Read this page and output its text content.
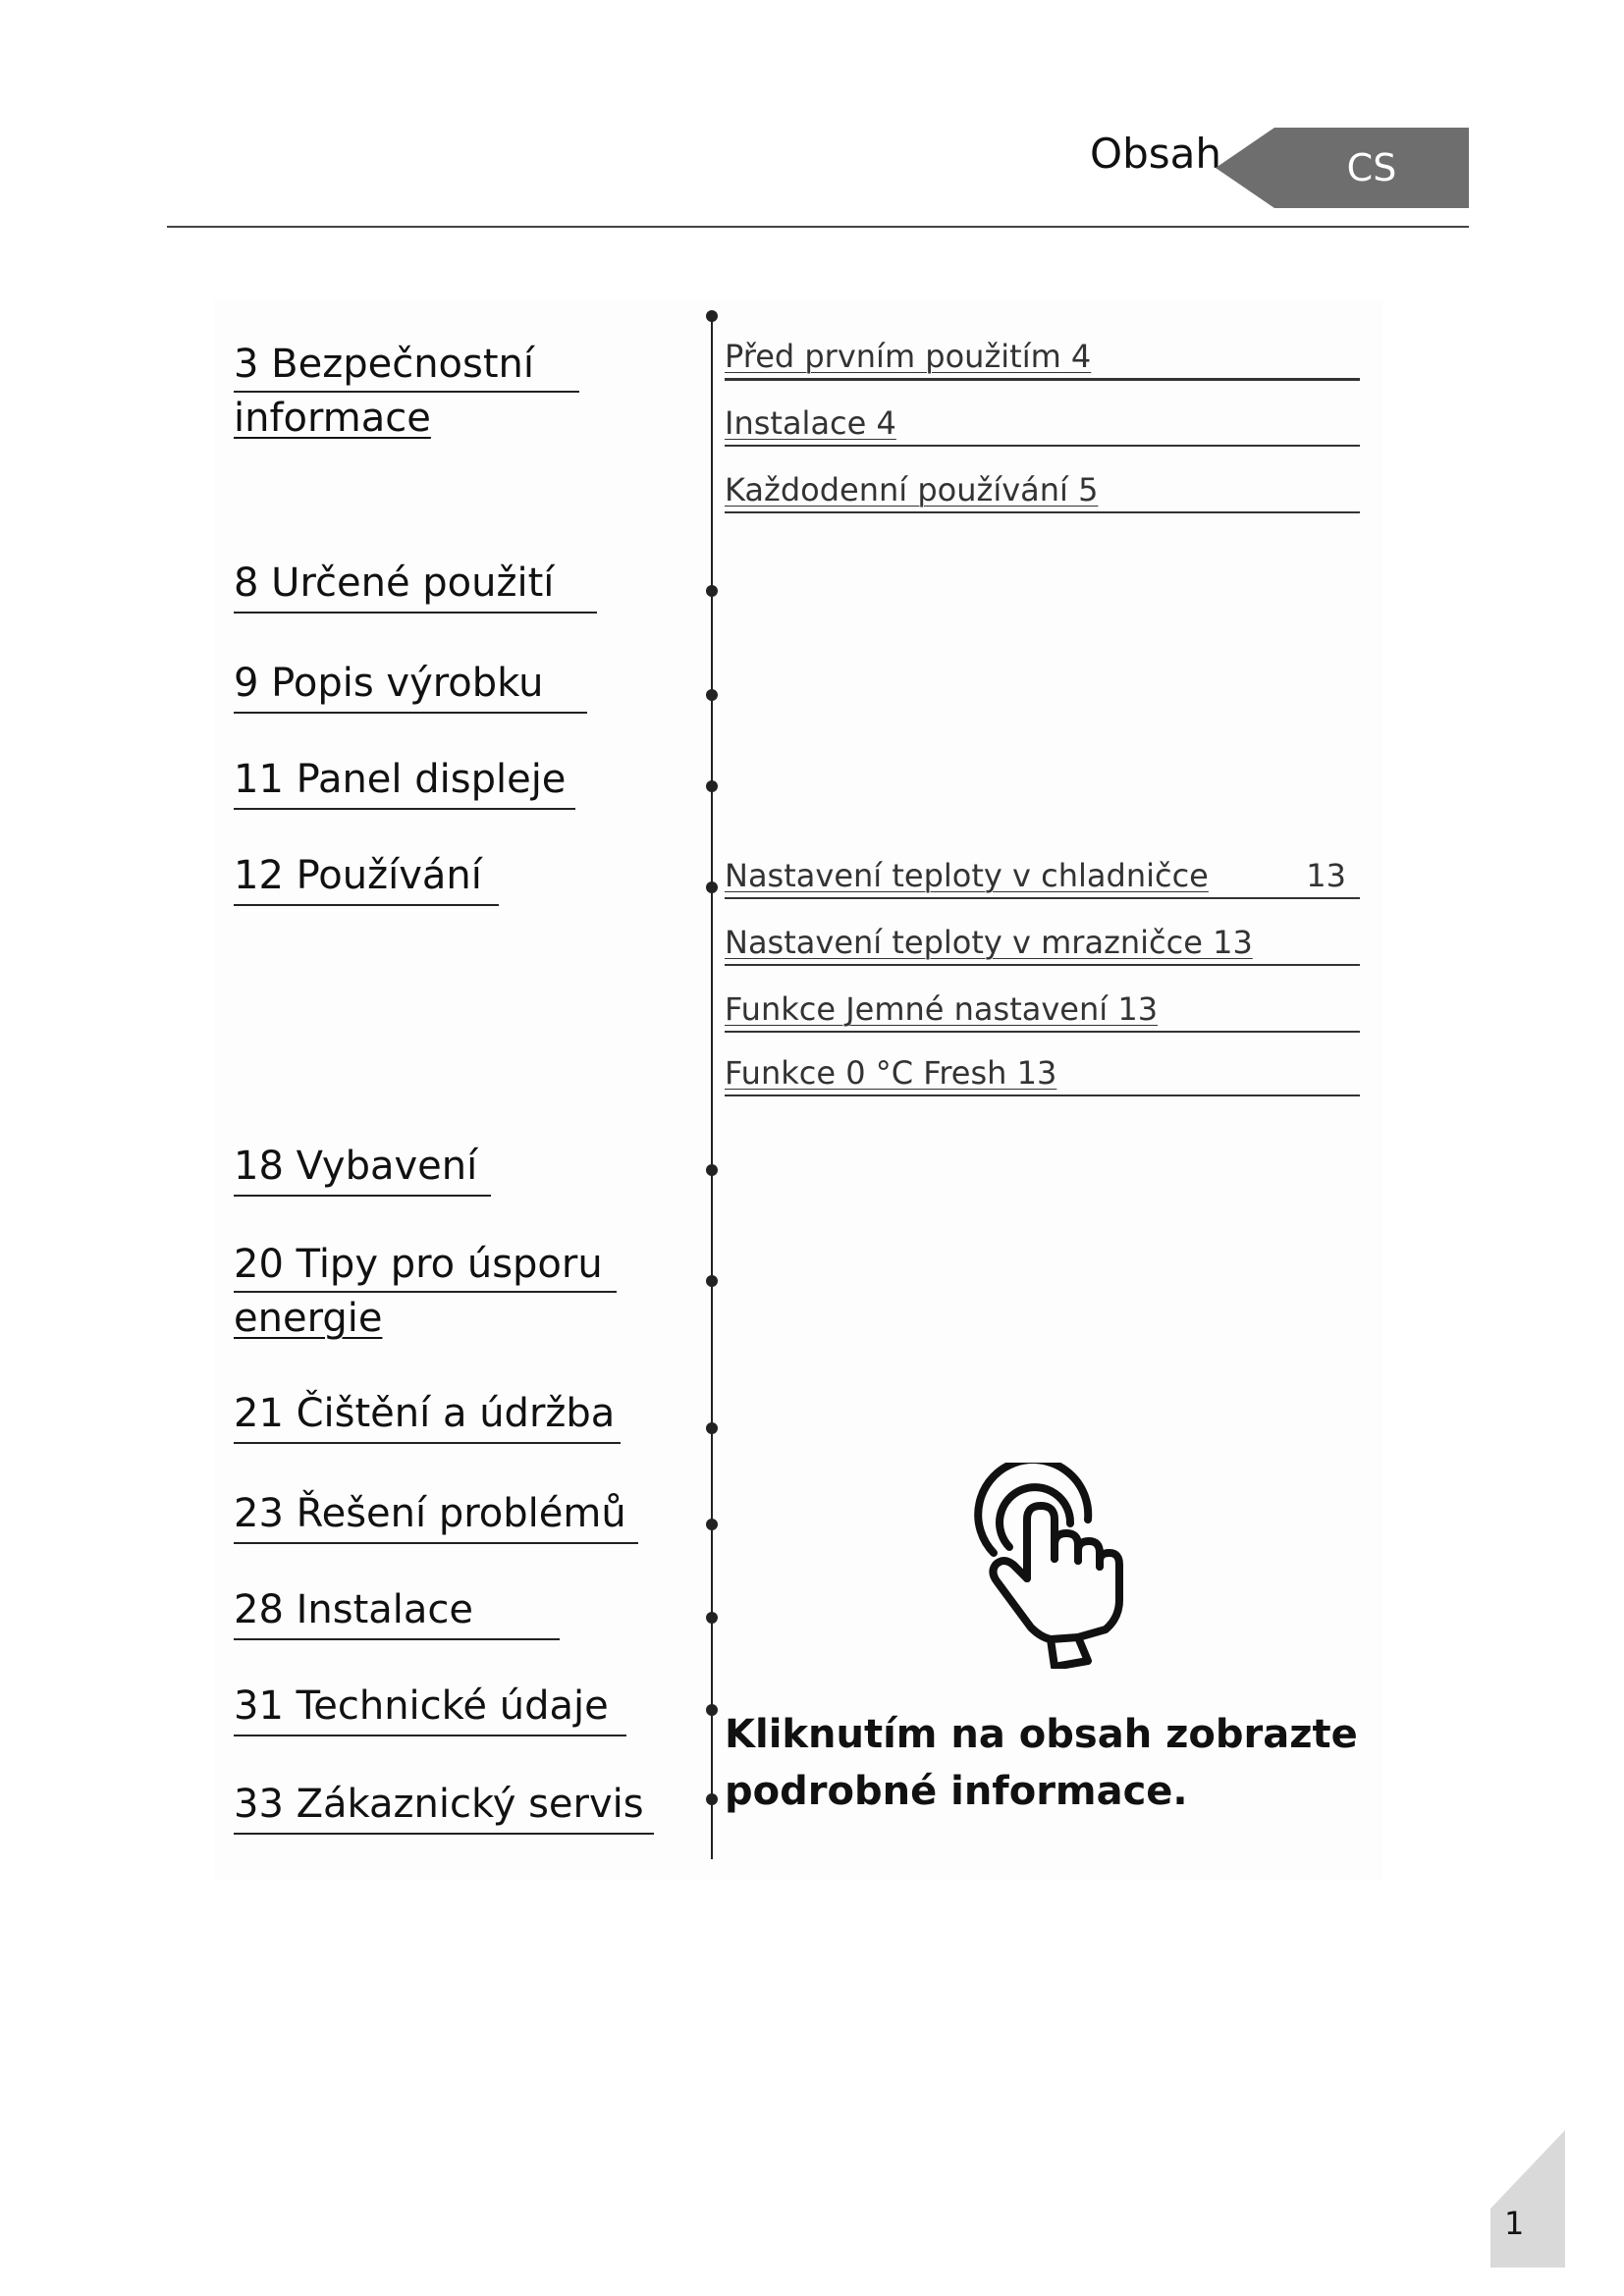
Obsah	CS
3 Bezpečnostní
informace
8 Určené použití
9 Popis výrobku
11 Panel displeje
12 Používání
18 Vybavení
20 Tipy pro úsporu
energie
21 Čištění a údržba
23 Řešení problémů
28 Instalace
31 Technické údaje
33 Zákaznický servis
Před prvním použitím 4
Instalace 4
Každodenní používání 5
Nastavení teploty v chladničce	13
Nastavení teploty v mrazničce 13
Funkce Jemné nastavení 13
Funkce 0 °C Fresh 13
Kliknutím na obsah zobrazte
podrobné informace.
1
